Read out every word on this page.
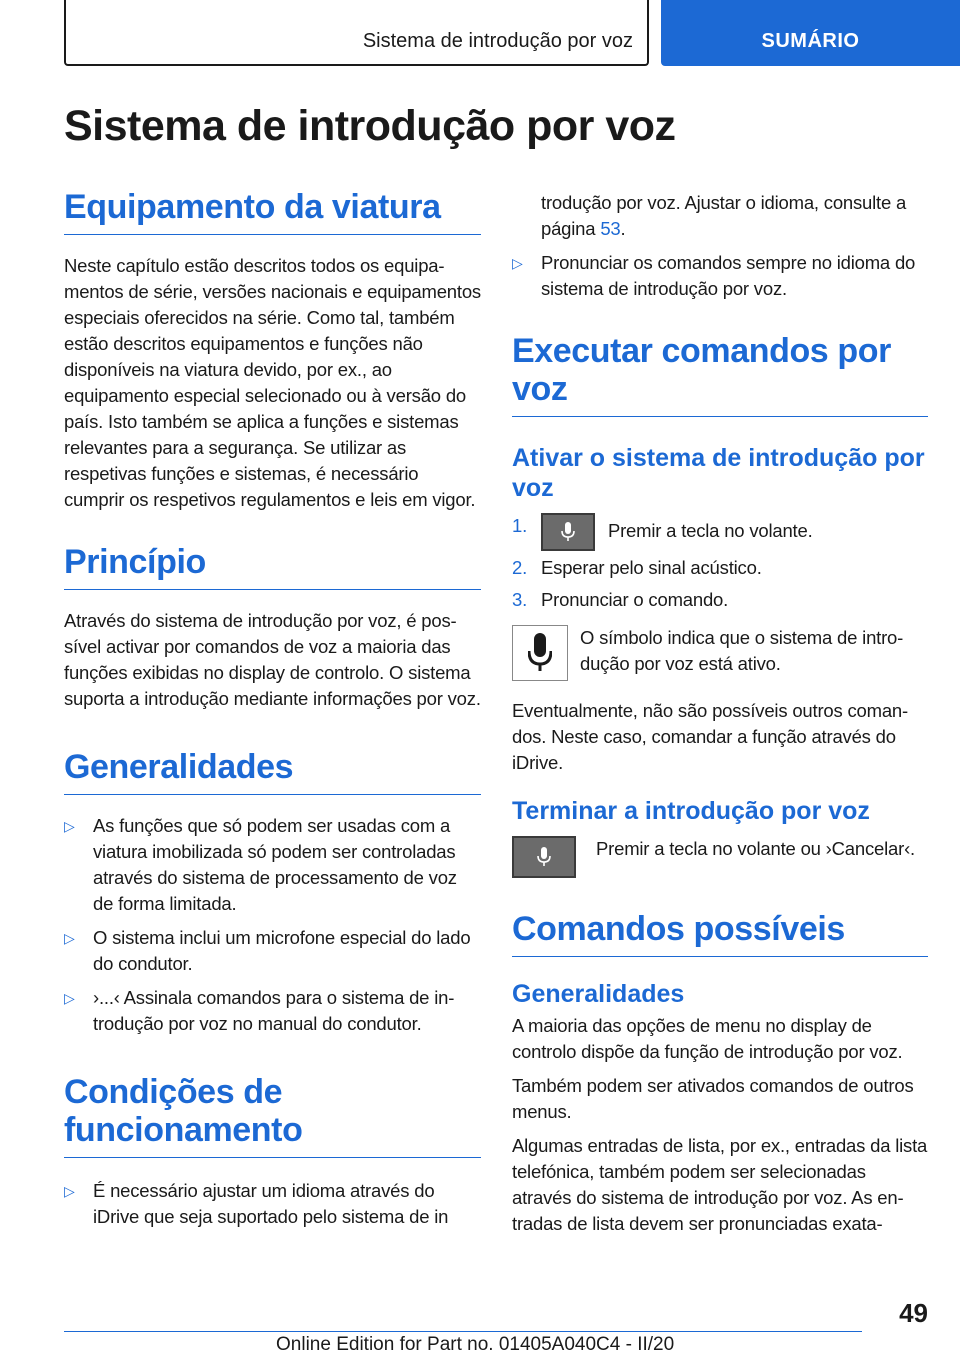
Sistema de introdução por voz	SUMÁRIO
Sistema de introdução por voz
Equipamento da viatura

Neste capítulo estão descritos todos os equipamentos de série, versões nacionais e equipamentos especiais oferecidos na série. Como tal, também estão descritos equipamentos e funções não disponíveis na viatura devido, por ex., ao equipamento especial selecionado ou à versão do país. Isto também se aplica a funções e sistemas relevantes para a segurança. Se utilizar as respetivas funções e sistemas, é necessário cumprir os respetivos regulamentos e leis em vigor.

Princípio

Através do sistema de introdução por voz, é possível activar por comandos de voz a maioria das funções exibidas no display de controlo. O sistema suporta a introdução mediante informações por voz.

Generalidades
▷ As funções que só podem ser usadas com a viatura imobilizada só podem ser controladas através do sistema de processamento de voz de forma limitada.
▷ O sistema inclui um microfone especial do lado do condutor.
▷ ›...‹ Assinala comandos para o sistema de introdução por voz no manual do condutor.
Condições de funcionamento
▷ É necessário ajustar um idioma através do iDrive que seja suportado pelo sistema de in

trodução por voz. Ajustar o idioma, consulte a página 53.

▷ Pronunciar os comandos sempre no idioma do sistema de introdução por voz.
Executar comandos por voz
Ativar o sistema de introdução por voz
1.	Premir a tecla no volante.
2. Esperar pelo sinal acústico.
3. Pronunciar o comando.
O símbolo indica que o sistema de introdução por voz está ativo.

Eventualmente, não são possíveis outros comandos. Neste caso, comandar a função através do iDrive.

Terminar a introdução por voz
Premir a tecla no volante ou ›Cancelar‹.
Comandos possíveis
Generalidades

A maioria das opções de menu no display de controlo dispõe da função de introdução por voz.

Também podem ser ativados comandos de outros menus.

Algumas entradas de lista, por ex., entradas da lista telefónica, também podem ser selecionadas através do sistema de introdução por voz. As entradas de lista devem ser pronunciadas exata-

49
Online Edition for Part no. 01405A040C4 - II/20
